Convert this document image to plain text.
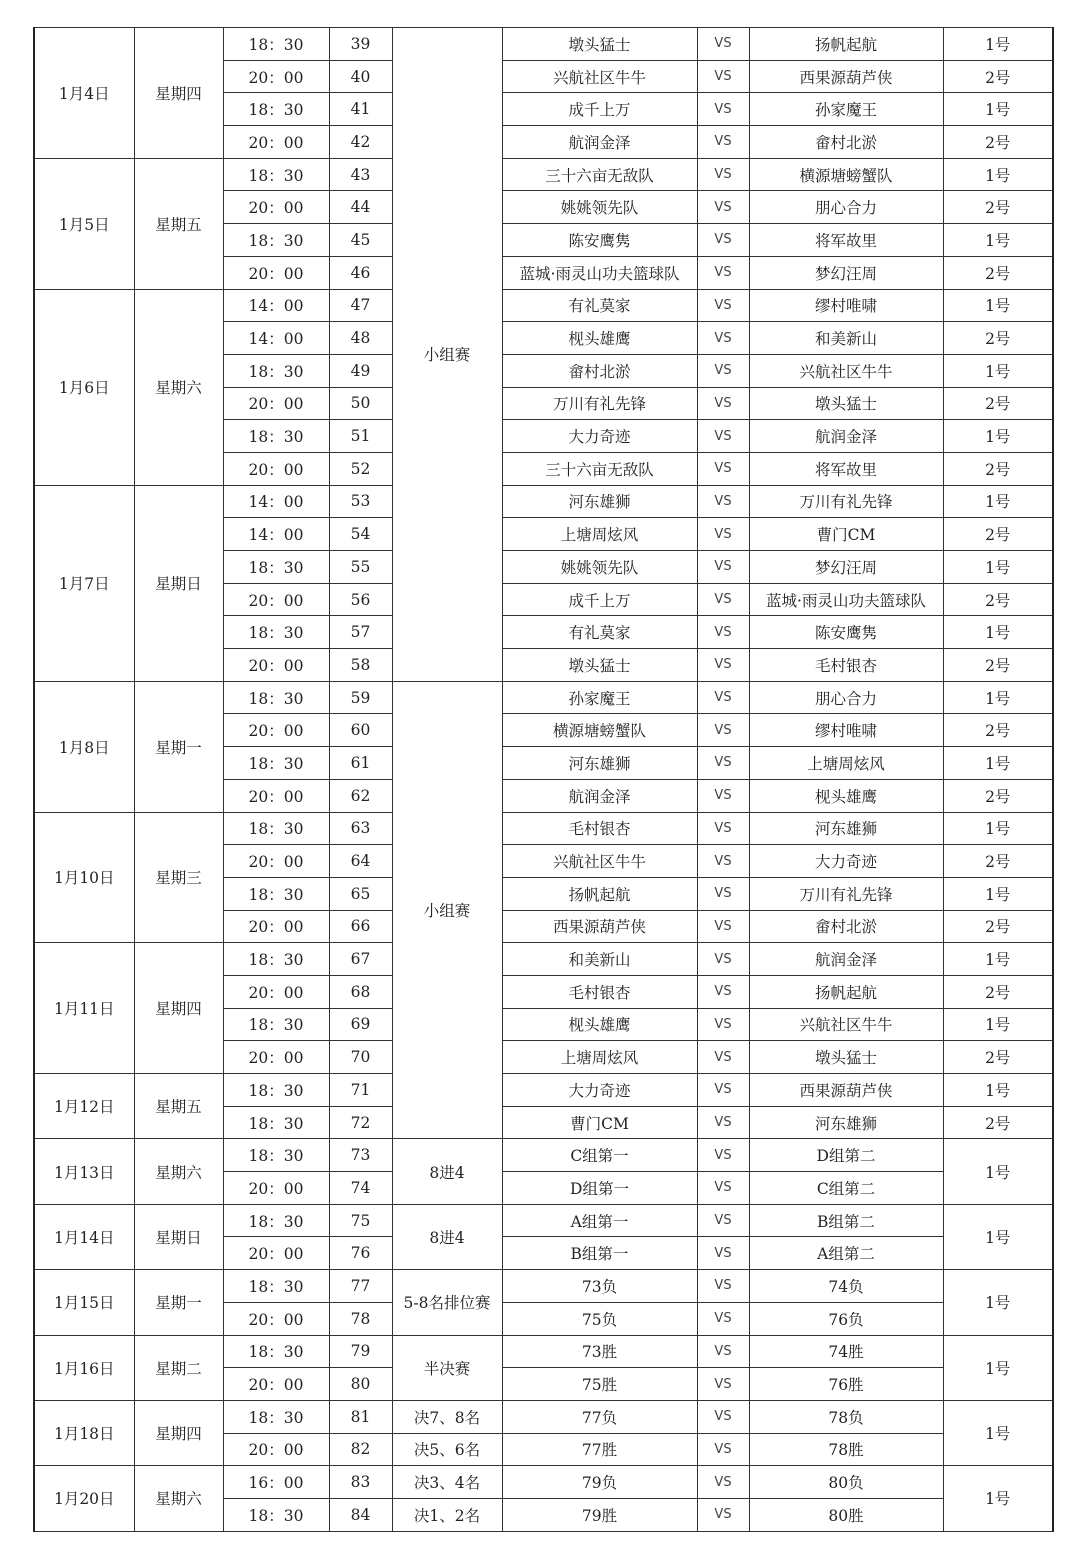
1月4日	星期四	18：30	39	小组赛	墩头猛士	VS	扬帆起航	1号
		20：00	40		兴航社区牛牛	VS	西果源葫芦侠	2号
		18：30	41		成千上万	VS	孙家魔王	1号
		20：00	42		航润金泽	VS	畲村北淤	2号
1月5日	星期五	18：30	43		三十六亩无敌队	VS	横源塘螃蟹队	1号
		20：00	44		姚姚领先队	VS	朋心合力	2号
		18：30	45		陈安鹰隽	VS	将军故里	1号
		20：00	46		蓝城·雨灵山功夫篮球队	VS	梦幻汪周	2号
1月6日	星期六	14：00	47		有礼莫家	VS	缪村唯啸	1号
		14：00	48		枧头雄鹰	VS	和美新山	2号
		18：30	49		畲村北淤	VS	兴航社区牛牛	1号
		20：00	50		万川有礼先锋	VS	墩头猛士	2号
		18：30	51		大力奇迹	VS	航润金泽	1号
		20：00	52		三十六亩无敌队	VS	将军故里	2号
1月7日	星期日	14：00	53		河东雄狮	VS	万川有礼先锋	1号
		14：00	54		上塘周炫风	VS	曹门CM	2号
		18：30	55		姚姚领先队	VS	梦幻汪周	1号
		20：00	56		成千上万	VS	蓝城·雨灵山功夫篮球队	2号
		18：30	57		有礼莫家	VS	陈安鹰隽	1号
		20：00	58		墩头猛士	VS	毛村银杏	2号
1月8日	星期一	18：30	59	小组赛	孙家魔王	VS	朋心合力	1号
		20：00	60		横源塘螃蟹队	VS	缪村唯啸	2号
		18：30	61		河东雄狮	VS	上塘周炫风	1号
		20：00	62		航润金泽	VS	枧头雄鹰	2号
1月10日	星期三	18：30	63		毛村银杏	VS	河东雄狮	1号
		20：00	64		兴航社区牛牛	VS	大力奇迹	2号
		18：30	65		扬帆起航	VS	万川有礼先锋	1号
		20：00	66		西果源葫芦侠	VS	畲村北淤	2号
1月11日	星期四	18：30	67		和美新山	VS	航润金泽	1号
		20：00	68		毛村银杏	VS	扬帆起航	2号
		18：30	69		枧头雄鹰	VS	兴航社区牛牛	1号
		20：00	70		上塘周炫风	VS	墩头猛士	2号
1月12日	星期五	18：30	71		大力奇迹	VS	西果源葫芦侠	1号
		18：30	72		曹门CM	VS	河东雄狮	2号
1月13日	星期六	18：30	73	8进4	C组第一	VS	D组第二	1号
		20：00	74		D组第一	VS	C组第二	
1月14日	星期日	18：30	75	8进4	A组第一	VS	B组第二	1号
		20：00	76		B组第一	VS	A组第二	
1月15日	星期一	18：30	77	5-8名排位赛	73负	VS	74负	1号
		20：00	78		75负	VS	76负	
1月16日	星期二	18：30	79	半决赛	73胜	VS	74胜	1号
		20：00	80		75胜	VS	76胜	
1月18日	星期四	18：30	81	决7、8名	77负	VS	78负	1号
		20：00	82	决5、6名	77胜	VS	78胜	
1月20日	星期六	16：00	83	决3、4名	79负	VS	80负	1号
		18：30	84	决1、2名	79胜	VS	80胜	
